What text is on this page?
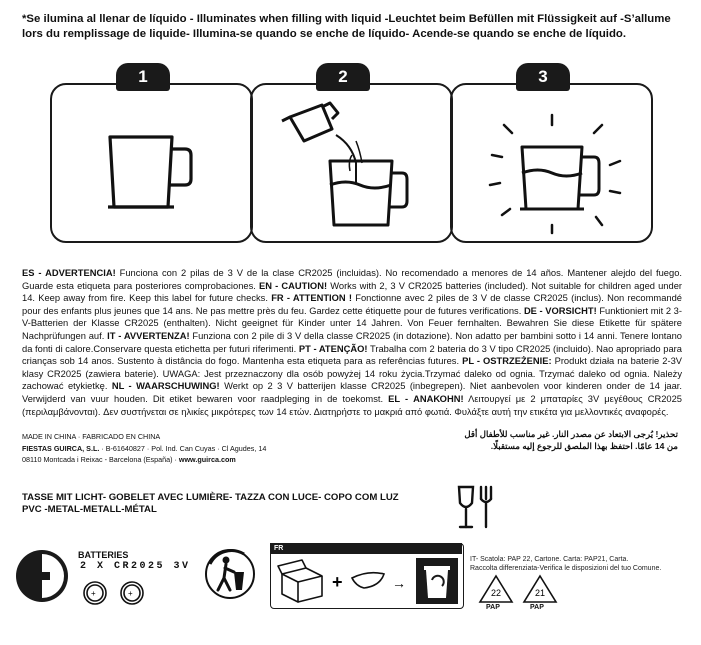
*Se ilumina al llenar de líquido - Illuminates when filling with liquid -Leuchtet beim Befüllen mit Flüssigkeit auf -S’allume lors du remplissage de liquide- Illumina-se quando se enche de líquido- Acende-se quando se enche de líquido.
1	2	3
ES - ADVERTENCIA! Funciona con 2 pilas de 3 V de la clase CR2025 (incluidas). No recomendado a menores de 14 años. Mantener alejdo del fuego. Guarde esta etiqueta para posteriores comprobaciones. EN - CAUTION! Works with 2, 3 V CR2025 batteries (included). Not suitable for children aged under 14. Keep away from fire. Keep this label for future checks. FR - ATTENTION ! Fonctionne avec 2 piles de 3 V de classe CR2025 (inclus). Non recommandé pour des enfants plus jeunes que 14 ans. Ne pas mettre près du feu. Gardez cette étiquette pour de futures verifications. DE - VORSICHT! Funktioniert mit 2 3-V-Batterien der Klasse CR2025 (enthalten). Nicht geeignet für Kinder unter 14 Jahren. Von Feuer fernhalten. Bewahren Sie diese Etikette für spätere Nachprüfungen auf. IT - AVVERTENZA! Funziona con 2 pile di 3 V della classe CR2025 (in dotazione). Non adatto per bambini sotto i 14 anni. Tenere lontano da fonti di calore.Conservare questa etichetta per futuri riferimenti. PT - ATENÇÃO! Trabalha com 2 bateria do 3 V tipo CR2025 (incluido). Nao apropriado para crianças sob 14 anos. Sustento à distância do fogo. Mantenha esta etiqueta para as referências futures. PL - OSTRZEŻENIE: Produkt działa na baterie 2-3V klasy CR2025 (zawiera baterie). UWAGA: Jest przeznaczony dla osób powyżej 14 roku życia.Trzymać daleko od ognia. Trzymać daleko od ognia. Należy zachować etykietkę. NL - WAARSCHUWING! Werkt op 2 3 V batterijen klasse CR2025 (inbegrepen). Niet aanbevolen voor kinderen onder de 14 jaar. Verwijderd van vuur houden. Dit etiket bewaren voor raadpleging in de toekomst. EL - ΑΝΑΚΟΗΝ! Λειτουργεί με 2 μπαταρίες 3V μεγέθους CR2025 (περιλαμβάνονται). Δεν συστήνεται σε ηλικίες μικρότερες των 14 ετών. Διατηρήστε το μακριά από φωτιά. Φυλάξτε αυτή την ετικέτα για μελλοντικές αναφορές.
MADE IN CHINA · FABRICADO EN CHINA
FIESTAS GUIRCA, S.L. · B-61640827 · Pol. Ind. Can Cuyas · Cl Agudes, 14
08110 Montcada i Reixac - Barcelona (España) · www.guirca.com
تحذير! يُرجى الابتعاد عن مصدر النار. غير مناسب للأطفال أقل
من 14 عامًا. احتفظ بهذا الملصق للرجوع إليه مستقبلًا.
TASSE MIT LICHT- GOBELET AVEC LUMIÈRE- TAZZA CON LUCE- COPO COM LUZ
PVC -METAL-METALL-MÉTAL
BATTERIES
2 X CR2025 3V
+	+
FR
+	→
IT- Scatola: PAP 22, Cartone. Carta: PAP21, Carta.
Raccolta differenziata-Verifica le disposizioni del tuo Comune.
22
PAP
21
PAP
